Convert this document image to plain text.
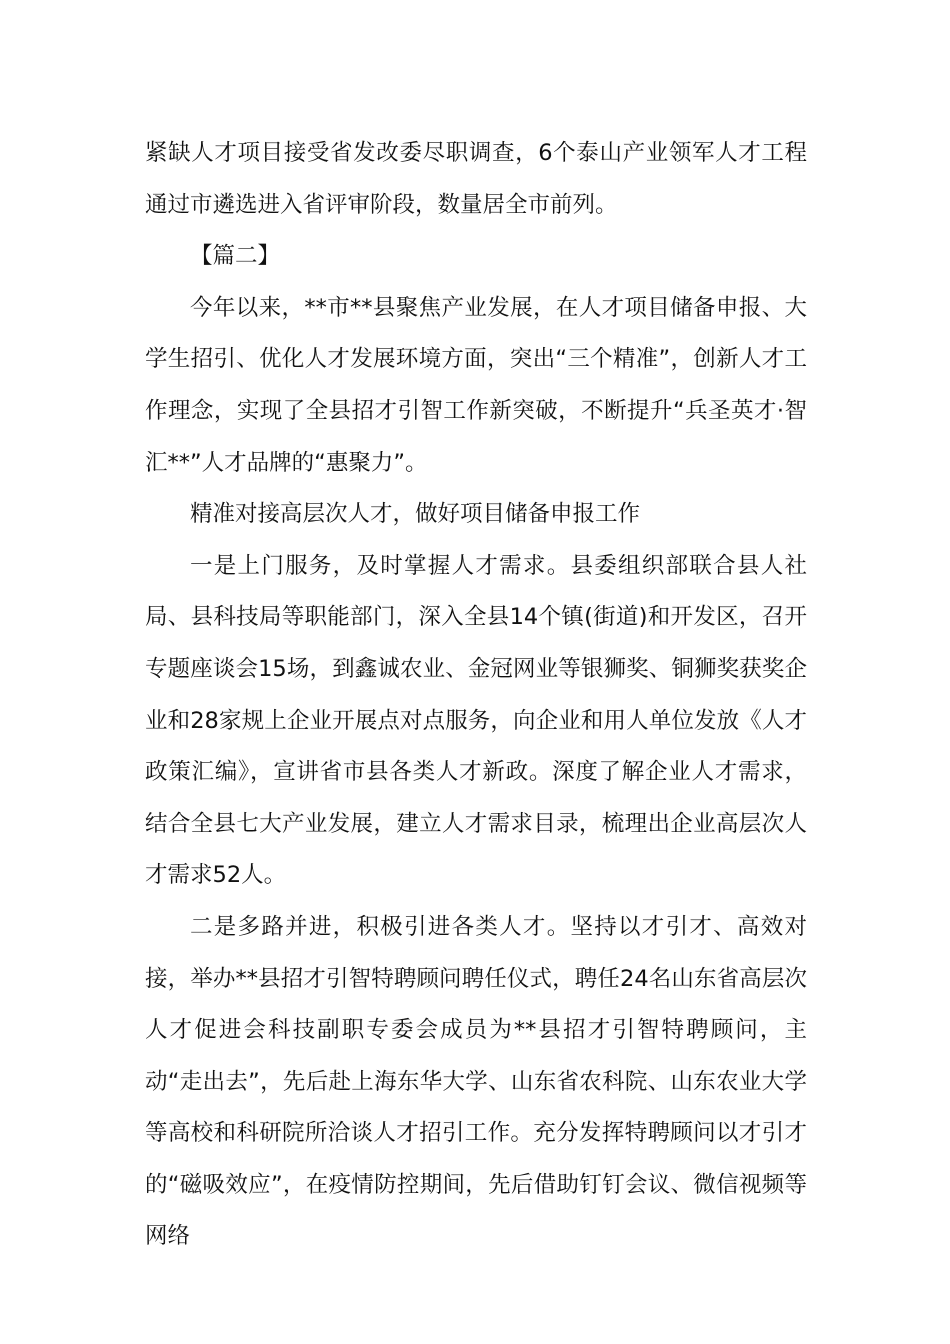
紧缺人才项目接受省发改委尽职调查，6个泰山产业领军人才工程通过市遴选进入省评审阶段，数量居全市前列。

【篇二】

今年以来，**市**县聚焦产业发展，在人才项目储备申报、大学生招引、优化人才发展环境方面，突出“三个精准”，创新人才工作理念，实现了全县招才引智工作新突破，不断提升“兵圣英才·智汇**”人才品牌的“惠聚力”。

精准对接高层次人才，做好项目储备申报工作

一是上门服务，及时掌握人才需求。县委组织部联合县人社局、县科技局等职能部门，深入全县14个镇(街道)和开发区，召开专题座谈会15场，到鑫诚农业、金冠网业等银狮奖、铜狮奖获奖企业和28家规上企业开展点对点服务，向企业和用人单位发放《人才政策汇编》，宣讲省市县各类人才新政。深度了解企业人才需求，结合全县七大产业发展，建立人才需求目录，梳理出企业高层次人才需求52人。

二是多路并进，积极引进各类人才。坚持以才引才、高效对接，举办**县招才引智特聘顾问聘任仪式，聘任24名山东省高层次人才促进会科技副职专委会成员为**县招才引智特聘顾问，主动“走出去”，先后赴上海东华大学、山东省农科院、山东农业大学等高校和科研院所洽谈人才招引工作。充分发挥特聘顾问以才引才的“磁吸效应”，在疫情防控期间，先后借助钉钉会议、微信视频等网络
